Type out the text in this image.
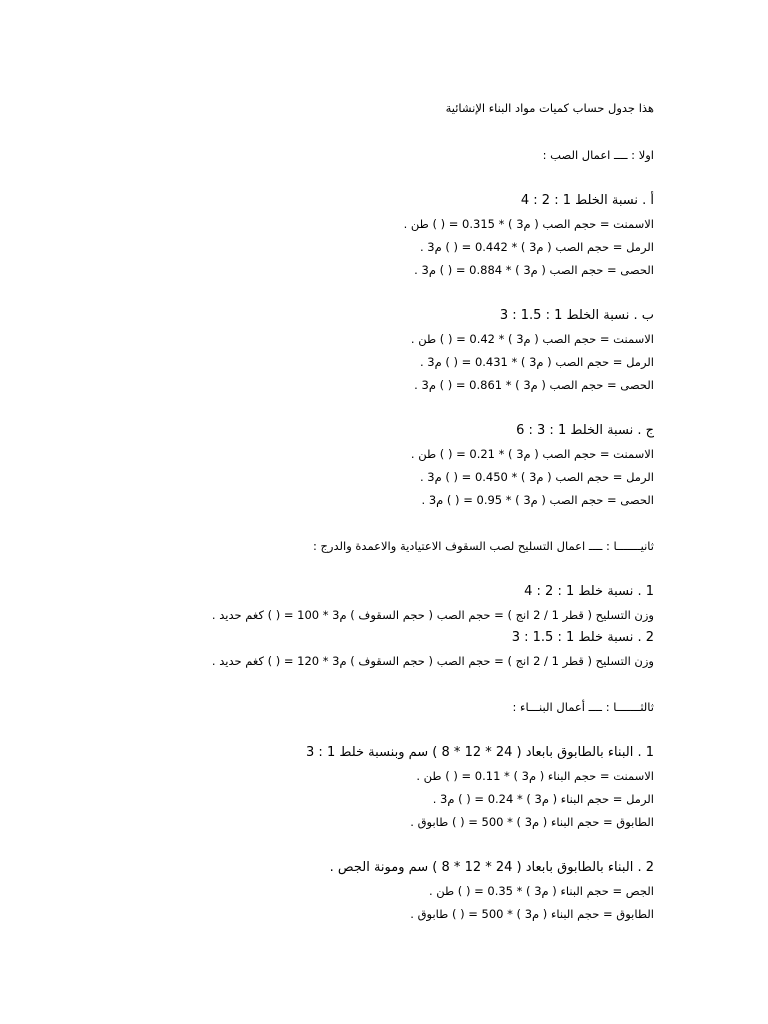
هذا جدول حساب كميات مواد البناء الإنشائية
اولا : ــــ اعمال الصب :
أ . نسبة الخلط 1 : 2 : 4
الاسمنت = حجم الصب ( م3 ) * 0.315 = ( ) طن .
الرمل = حجم الصب ( م3 ) * 0.442 = ( ) م3 .
الحصى = حجم الصب ( م3 ) * 0.884 = ( ) م3 .
ب . نسبة الخلط 1 : 1.5 : 3
الاسمنت = حجم الصب ( م3 ) * 0.42 = ( ) طن .
الرمل = حجم الصب ( م3 ) * 0.431 = ( ) م3 .
الحصى = حجم الصب ( م3 ) * 0.861 = ( ) م3 .
ج . نسبة الخلط 1 : 3 : 6
الاسمنت = حجم الصب ( م3 ) * 0.21 = ( ) طن .
الرمل = حجم الصب ( م3 ) * 0.450 = ( ) م3 .
الحصى = حجم الصب ( م3 ) * 0.95 = ( ) م3 .
ثانيـــــــا : ــــ اعمال التسليح لصب السقوف الاعتيادية والاعمدة والدرج :
1 . نسبة خلط 1 : 2 : 4
وزن التسليح ( قطر 1 / 2 انج ) = حجم الصب ( حجم السقوف ) م3 * 100 = ( ) كغم حديد .
2 . نسبة خلط 1 : 1.5 : 3
وزن التسليح ( قطر 1 / 2 انج ) = حجم الصب ( حجم السقوف ) م3 * 120 = ( ) كغم حديد .
ثالثـــــــا : ــــ أعمال البنـــاء :
1 . البناء بالطابوق بابعاد ( 24 * 12 * 8 ) سم وبنسبة خلط 1 : 3
الاسمنت = حجم البناء ( م3 ) * 0.11 = ( ) طن .
الرمل = حجم البناء ( م3 ) * 0.24 = ( ) م3 .
الطابوق = حجم البناء ( م3 ) * 500 = ( ) طابوق .
2 . البناء بالطابوق بابعاد ( 24 * 12 * 8 ) سم ومونة الجص .
الجص = حجم البناء ( م3 ) * 0.35 = ( ) طن .
الطابوق = حجم البناء ( م3 ) * 500 = ( ) طابوق .
